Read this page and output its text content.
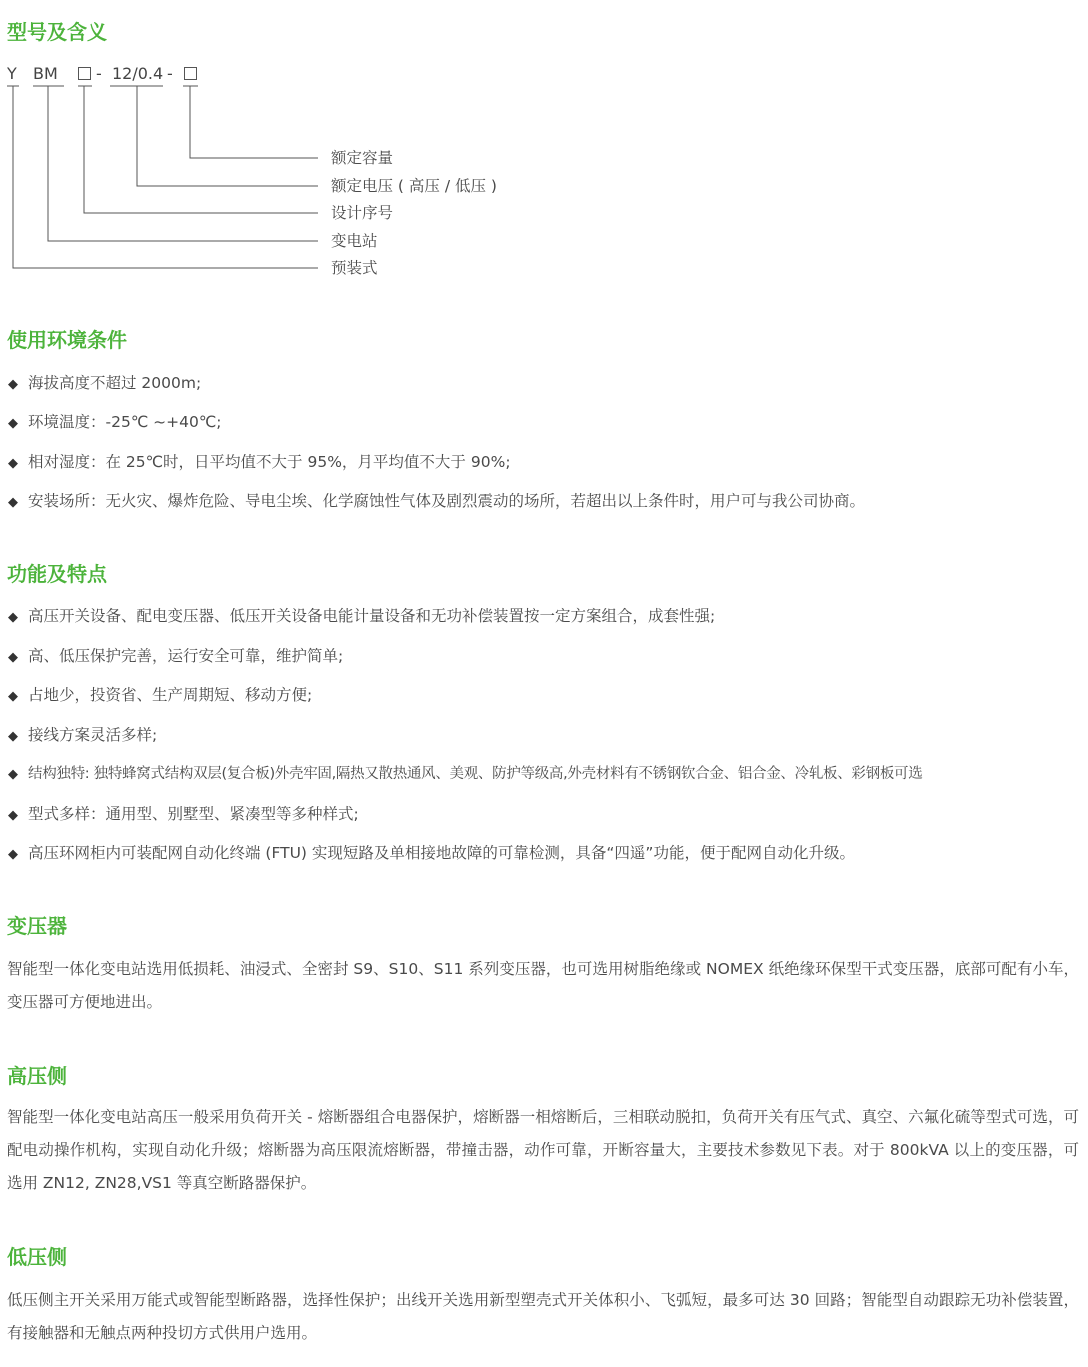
型号及含义
Y BM - 12/0.4 -
额定容量
额定电压 ( 高压 / 低压 )
设计序号
变电站
预装式
使用环境条件
◆ 海拔高度不超过 2000m;
◆ 环境温度：-25℃ ~+40℃;
◆ 相对湿度：在 25℃时，日平均值不大于 95%，月平均值不大于 90%;
◆ 安装场所：无火灾、爆炸危险、导电尘埃、化学腐蚀性气体及剧烈震动的场所，若超出以上条件时，用户可与我公司协商。
功能及特点
◆ 高压开关设备、配电变压器、低压开关设备电能计量设备和无功补偿装置按一定方案组合，成套性强;
◆ 高、低压保护完善，运行安全可靠，维护简单;
◆ 占地少，投资省、生产周期短、移动方便;
◆ 接线方案灵活多样;
◆ 结构独特: 独特蜂窝式结构双层(复合板)外壳牢固,隔热又散热通风、美观、防护等级高,外壳材料有不锈钢钦合金、铝合金、冷轧板、彩钢板可选
◆ 型式多样：通用型、别墅型、紧凑型等多种样式;
◆ 高压环网柜内可装配网自动化终端 (FTU) 实现短路及单相接地故障的可靠检测，具备“四遥”功能，便于配网自动化升级。
变压器
智能型一体化变电站选用低损耗、油浸式、全密封 S9、S10、S11 系列变压器，也可选用树脂绝缘或 NOMEX 纸绝缘环保型干式变压器，底部可配有小车，变压器可方便地进出。
高压侧
智能型一体化变电站高压一般采用负荷开关 - 熔断器组合电器保护，熔断器一相熔断后，三相联动脱扣，负荷开关有压气式、真空、六氟化硫等型式可选，可配电动操作机构，实现自动化升级；熔断器为高压限流熔断器，带撞击器，动作可靠，开断容量大，主要技术参数见下表。对于 800kVA 以上的变压器，可选用 ZN12, ZN28,VS1 等真空断路器保护。
低压侧
低压侧主开关采用万能式或智能型断路器，选择性保护；出线开关选用新型塑壳式开关体积小、飞弧短，最多可达 30 回路；智能型自动跟踪无功补偿装置，有接触器和无触点两种投切方式供用户选用。
